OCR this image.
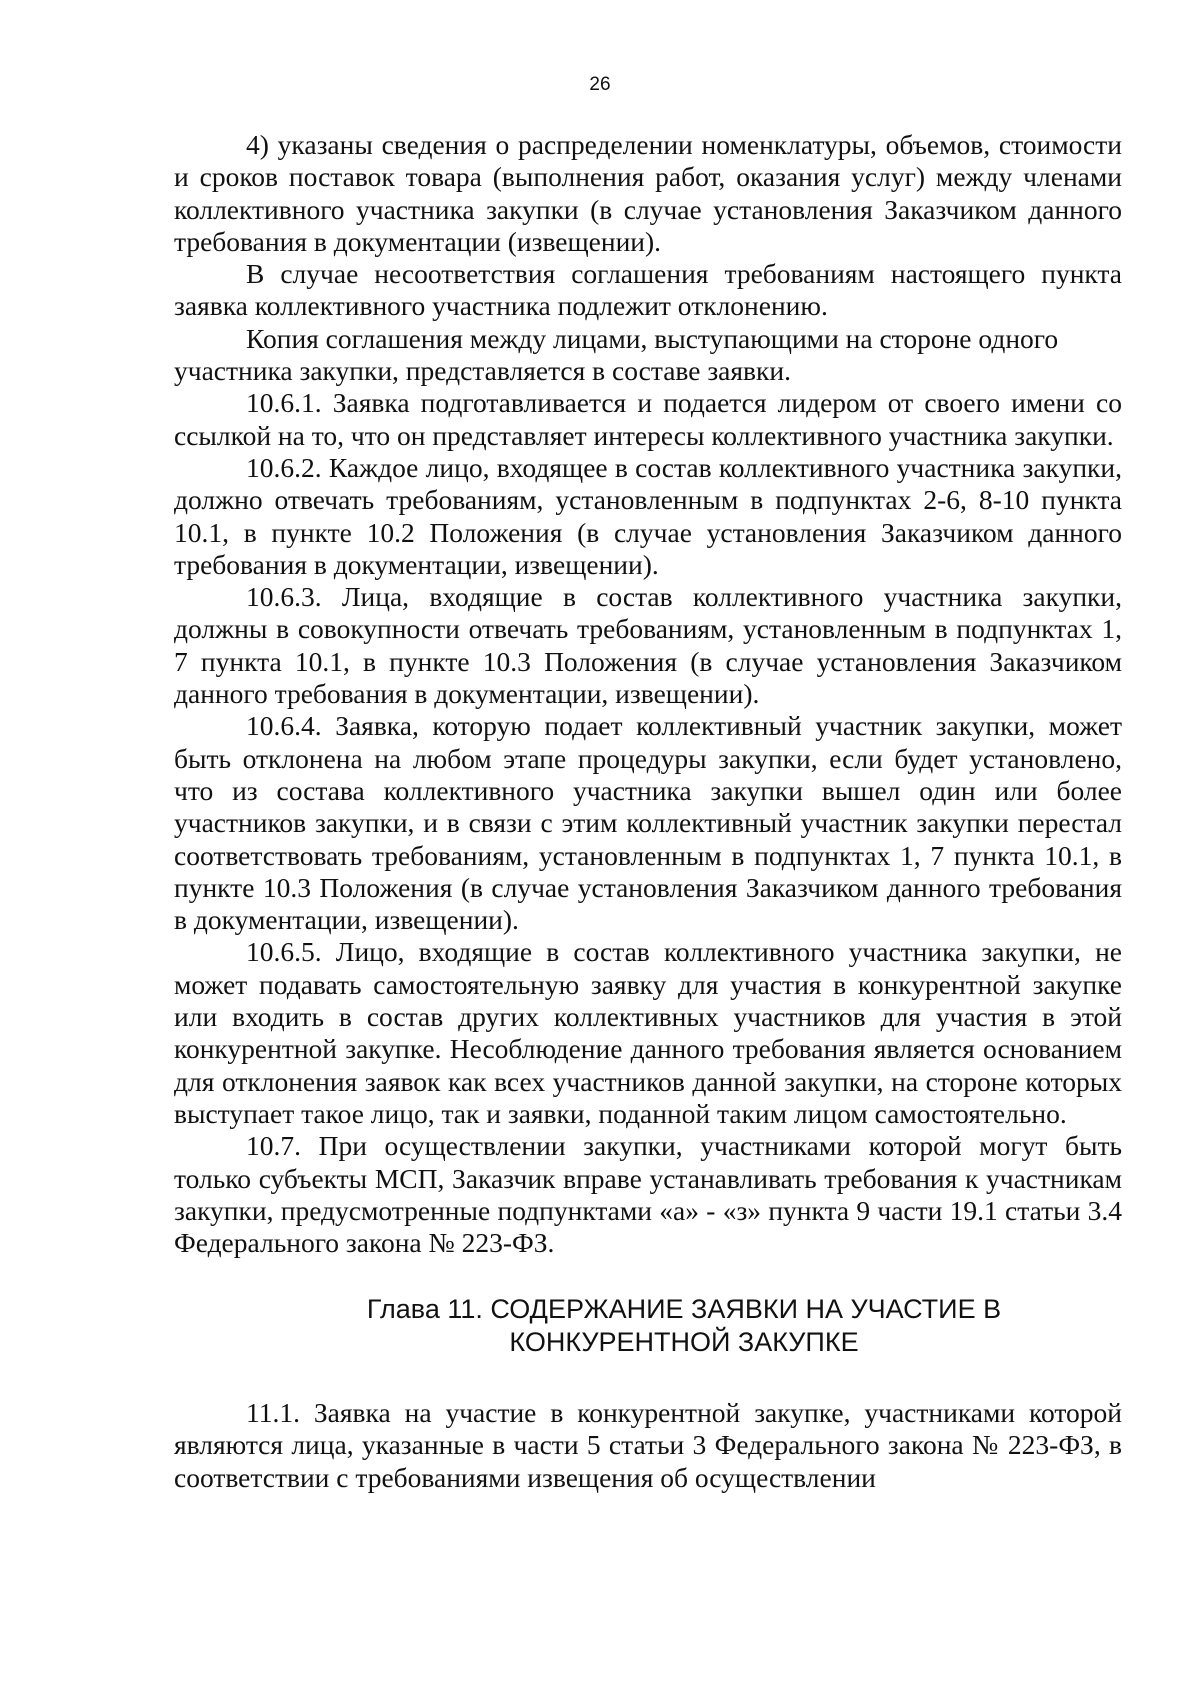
26

4) указаны сведения о распределении номенклатуры, объемов, стоимости и сроков поставок товара (выполнения работ, оказания услуг) между членами коллективного участника закупки (в случае установления Заказчиком данного требования в документации (извещении).

В случае несоответствия соглашения требованиям настоящего пункта заявка коллективного участника подлежит отклонению.

Копия соглашения между лицами, выступающими на стороне одного участника закупки, представляется в составе заявки.

10.6.1. Заявка подготавливается и подается лидером от своего имени со ссылкой на то, что он представляет интересы коллективного участника закупки.

10.6.2. Каждое лицо, входящее в состав коллективного участника закупки, должно отвечать требованиям, установленным в подпунктах 2-6, 8-10 пункта 10.1, в пункте 10.2 Положения (в случае установления Заказчиком данного требования в документации, извещении).

10.6.3. Лица, входящие в состав коллективного участника закупки, должны в совокупности отвечать требованиям, установленным в подпунктах 1, 7 пункта 10.1, в пункте 10.3 Положения (в случае установления Заказчиком данного требования в документации, извещении).

10.6.4. Заявка, которую подает коллективный участник закупки, может быть отклонена на любом этапе процедуры закупки, если будет установлено, что из состава коллективного участника закупки вышел один или более участников закупки, и в связи с этим коллективный участник закупки перестал соответствовать требованиям, установленным в подпунктах 1, 7 пункта 10.1, в пункте 10.3 Положения (в случае установления Заказчиком данного требования в документации, извещении).

10.6.5. Лицо, входящие в состав коллективного участника закупки, не может подавать самостоятельную заявку для участия в конкурентной закупке или входить в состав других коллективных участников для участия в этой конкурентной закупке. Несоблюдение данного требования является основанием для отклонения заявок как всех участников данной закупки, на стороне которых выступает такое лицо, так и заявки, поданной таким лицом самостоятельно.

10.7. При осуществлении закупки, участниками которой могут быть только субъекты МСП, Заказчик вправе устанавливать требования к участникам закупки, предусмотренные подпунктами «а» - «з» пункта 9 части 19.1 статьи 3.4 Федерального закона № 223-ФЗ.

Глава 11. СОДЕРЖАНИЕ ЗАЯВКИ НА УЧАСТИЕ В
КОНКУРЕНТНОЙ ЗАКУПКЕ

11.1. Заявка на участие в конкурентной закупке, участниками которой являются лица, указанные в части 5 статьи 3 Федерального закона № 223-ФЗ, в соответствии с требованиями извещения об осуществлении
